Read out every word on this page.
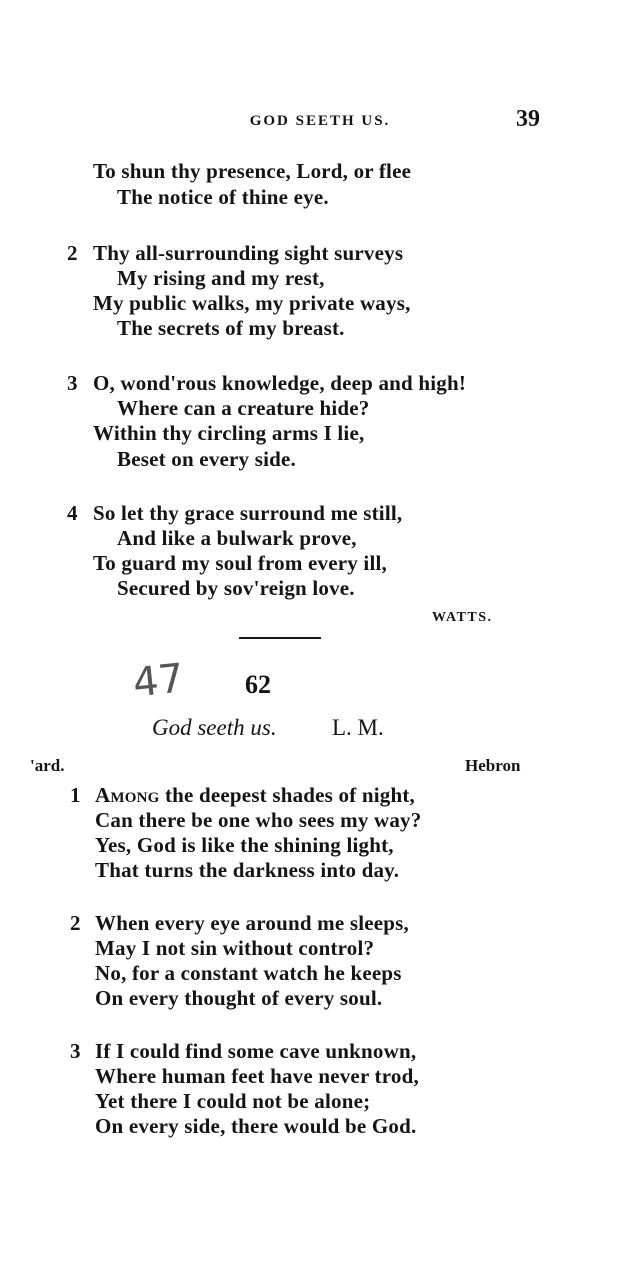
GOD SEETH US.	39
To shun thy presence, Lord, or flee
The notice of thine eye.
2 Thy all-surrounding sight surveys
My rising and my rest,
My public walks, my private ways,
The secrets of my breast.
3 O, wond'rous knowledge, deep and high!
Where can a creature hide?
Within thy circling arms I lie,
Beset on every side.
4 So let thy grace surround me still,
And like a bulwark prove,
To guard my soul from every ill,
Secured by sov'reign love.
WATTS.
47 62
God seeth us. L. M.
'ard.	Hebron
1 Among the deepest shades of night,
Can there be one who sees my way?
Yes, God is like the shining light,
That turns the darkness into day.
2 When every eye around me sleeps,
May I not sin without control?
No, for a constant watch he keeps
On every thought of every soul.
3 If I could find some cave unknown,
Where human feet have never trod,
Yet there I could not be alone;
On every side, there would be God.
